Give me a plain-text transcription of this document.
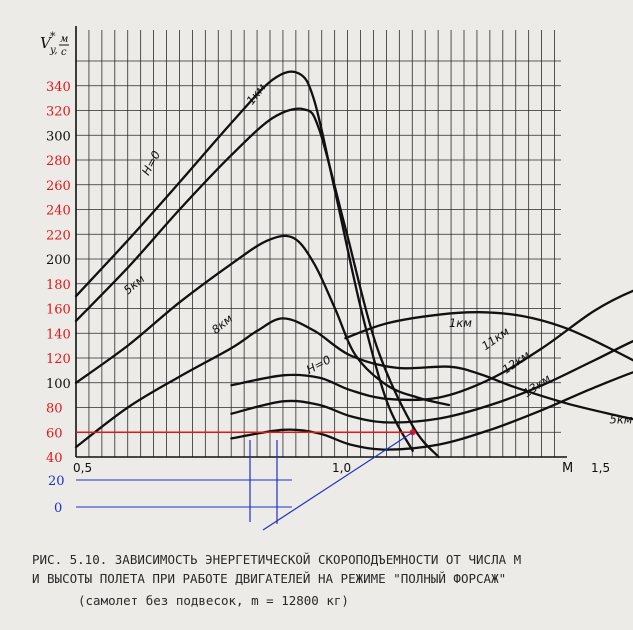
340
320
300
280
260
240
220
200
180
160
140
120
100
80
60
40
20
0
0,5	1,0	1,5
M
H=0
1км
5км
8км
H=0
1км
11км
12км
13км
5км
V *
y,
м
с
РИС. 5.10. ЗАВИСИМОСТЬ ЭНЕРГЕТИЧЕСКОЙ СКОРОПОДЪЕМНОСТИ ОТ ЧИСЛА М
И ВЫСОТЫ ПОЛЕТА ПРИ РАБОТЕ ДВИГАТЕЛЕЙ НА РЕЖИМЕ "ПОЛНЫЙ ФОРСАЖ"
(самолет без подвесок, m = 12800 кг)
